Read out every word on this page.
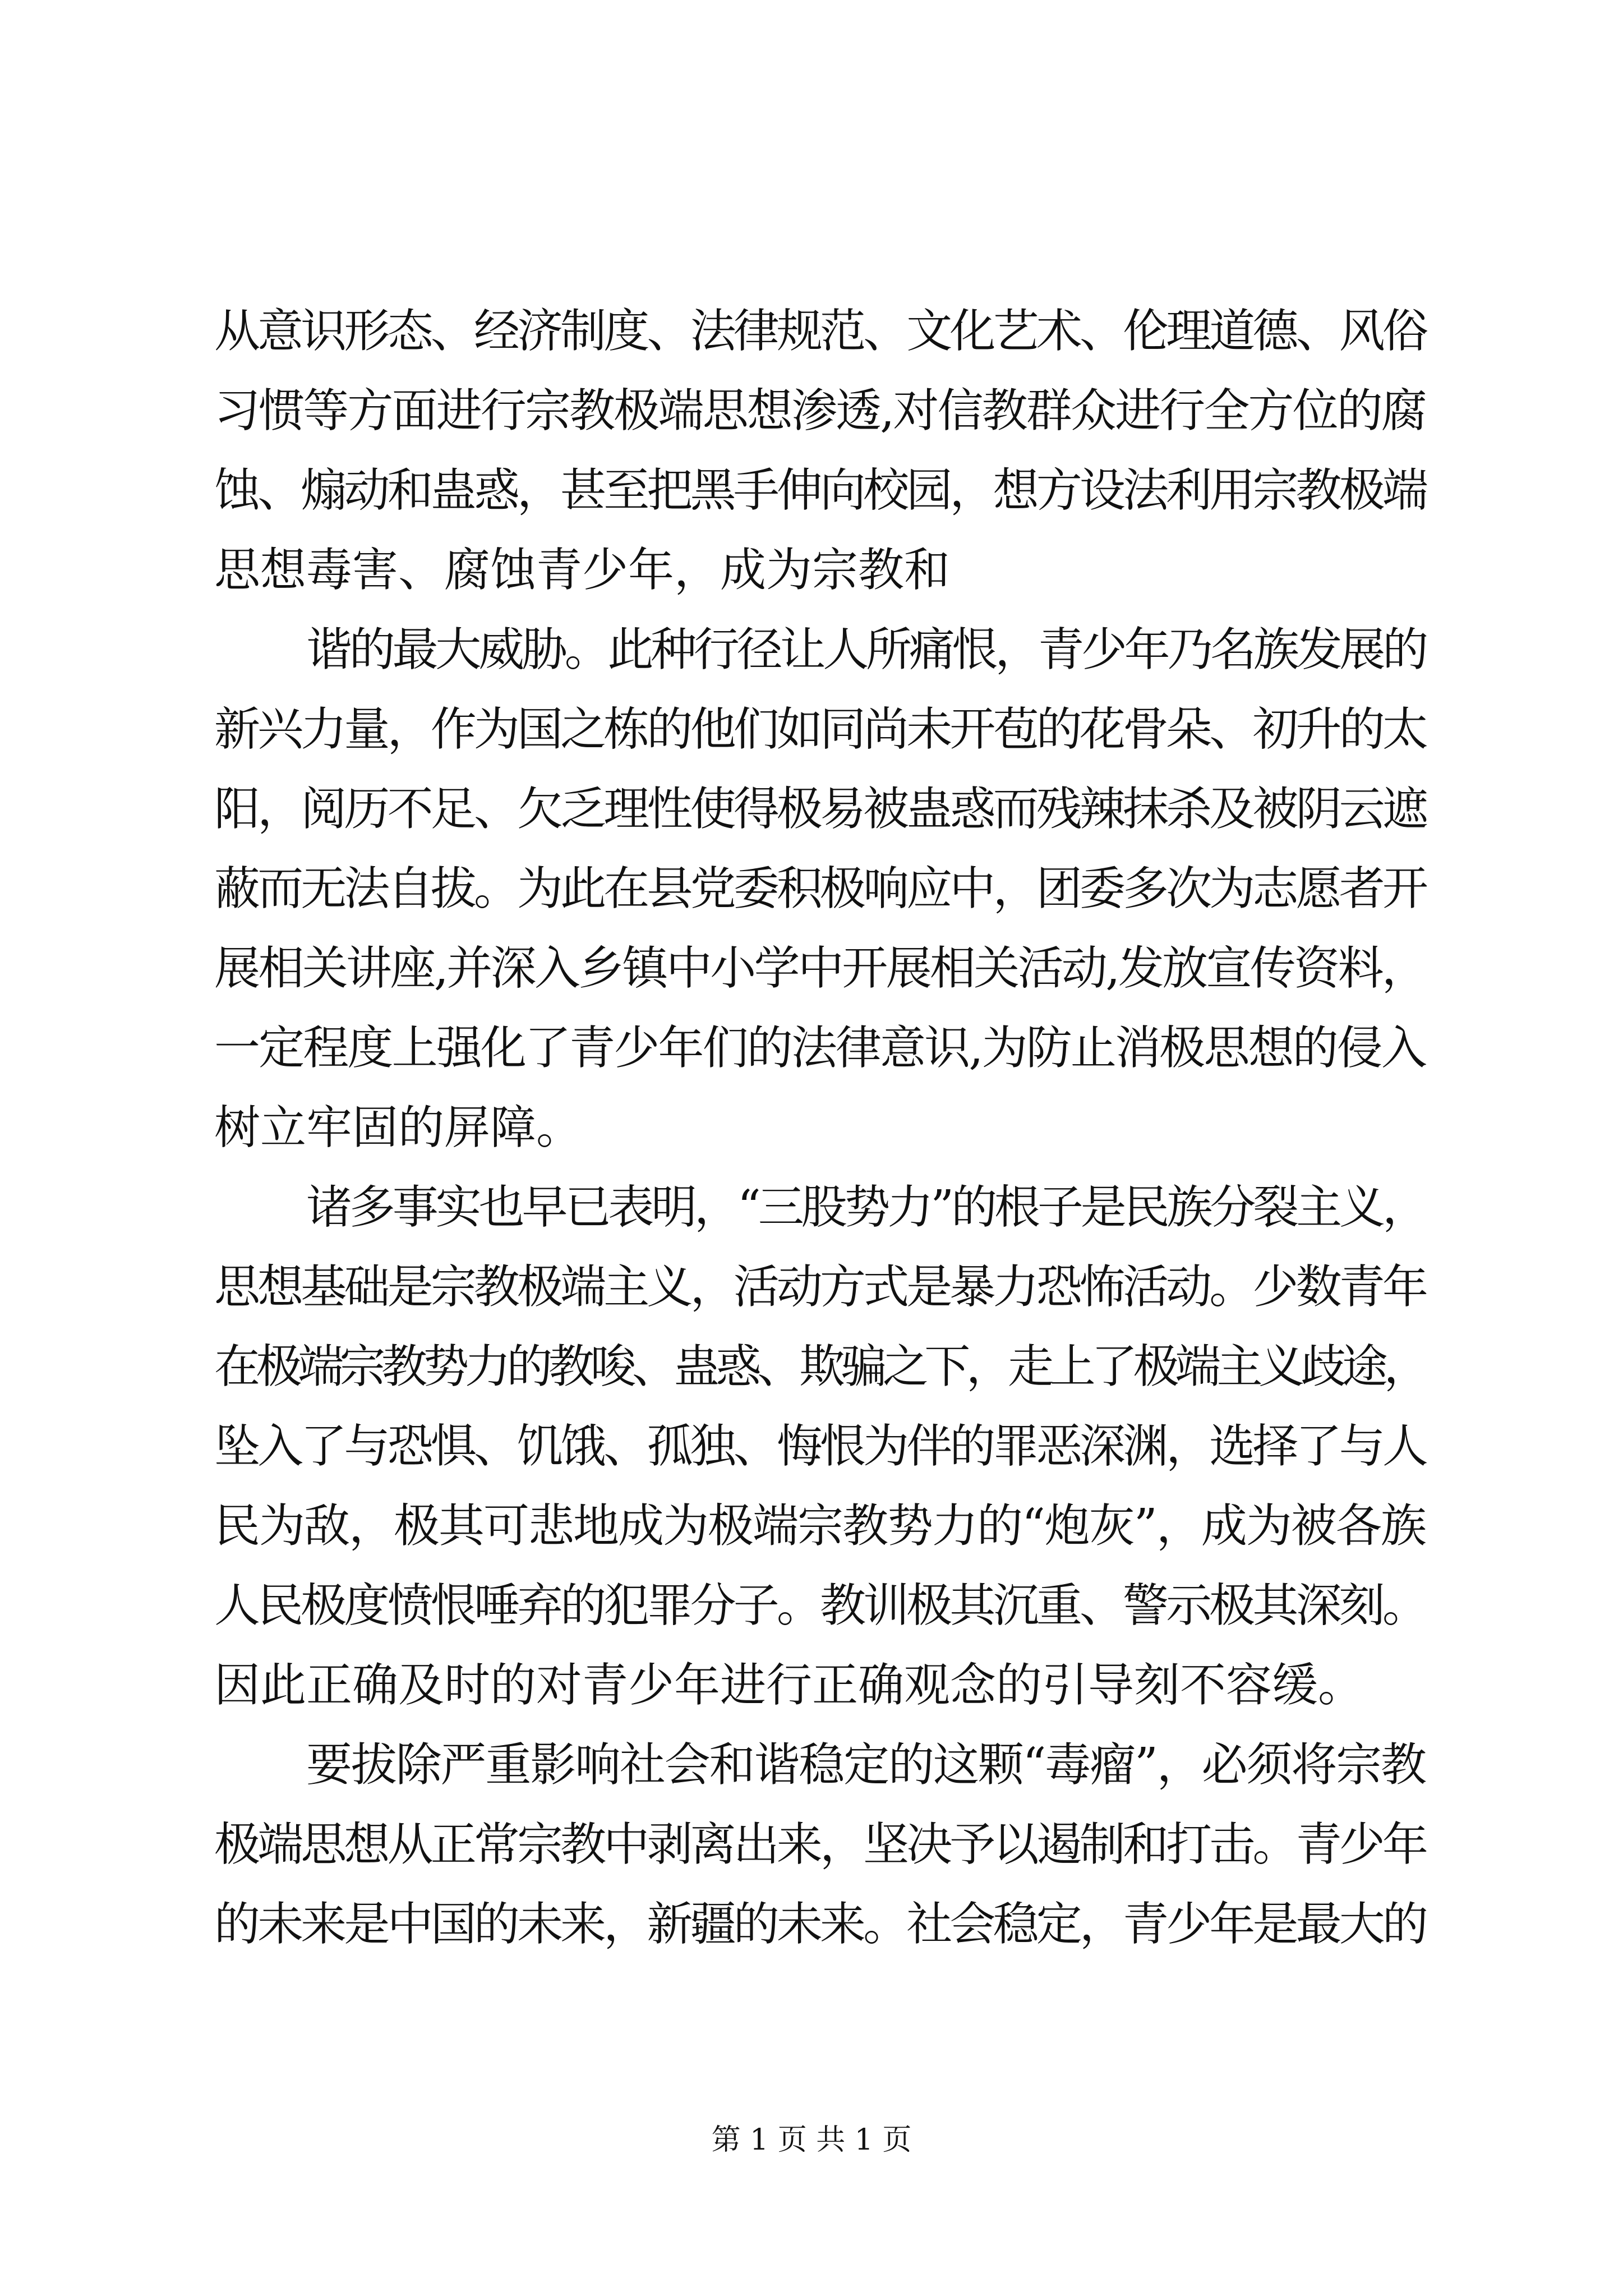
从意识形态、经济制度、法律规范、文化艺术、伦理道德、风俗
习惯等方面进行宗教极端思想渗透,对信教群众进行全方位的腐
蚀、煽动和蛊惑，甚至把黑手伸向校园，想方设法利用宗教极端
思想毒害、腐蚀青少年，成为宗教和
谐的最大威胁。此种行径让人所痛恨，青少年乃名族发展的
新兴力量，作为国之栋的他们如同尚未开苞的花骨朵、初升的太
阳，阅历不足、欠乏理性使得极易被蛊惑而残辣抹杀及被阴云遮
蔽而无法自拔。为此在县党委积极响应中，团委多次为志愿者开
展相关讲座,并深入乡镇中小学中开展相关活动,发放宣传资料，
一定程度上强化了青少年们的法律意识,为防止消极思想的侵入
树立牢固的屏障。
诸多事实也早已表明，“三股势力”的根子是民族分裂主义，
思想基础是宗教极端主义，活动方式是暴力恐怖活动。少数青年
在极端宗教势力的教唆、蛊惑、欺骗之下，走上了极端主义歧途，
坠入了与恐惧、饥饿、孤独、悔恨为伴的罪恶深渊，选择了与人
民为敌，极其可悲地成为极端宗教势力的“炮灰”，成为被各族
人民极度愤恨唾弃的犯罪分子。教训极其沉重、警示极其深刻。
因此正确及时的对青少年进行正确观念的引导刻不容缓。
要拔除严重影响社会和谐稳定的这颗“毒瘤”，必须将宗教
极端思想从正常宗教中剥离出来，坚决予以遏制和打击。青少年
的未来是中国的未来，新疆的未来。社会稳定，青少年是最大的
第 1 页 共 1 页
